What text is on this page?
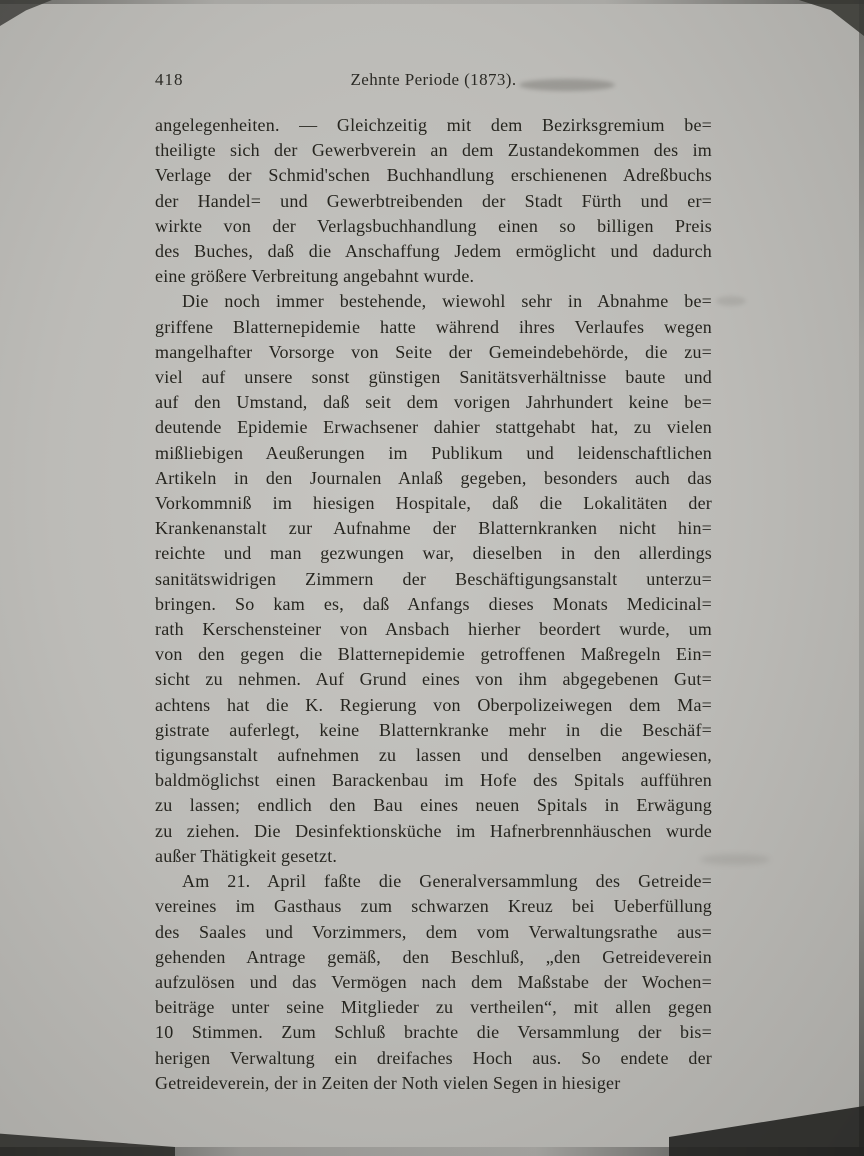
418	Zehnte Periode (1873).
angelegenheiten. — Gleichzeitig mit dem Bezirksgremium be=
theiligte sich der Gewerbverein an dem Zustandekommen des im
Verlage der Schmid'schen Buchhandlung erschienenen Adreßbuchs
der Handel= und Gewerbtreibenden der Stadt Fürth und er=
wirkte von der Verlagsbuchhandlung einen so billigen Preis
des Buches, daß die Anschaffung Jedem ermöglicht und dadurch
eine größere Verbreitung angebahnt wurde.
Die noch immer bestehende, wiewohl sehr in Abnahme be=
griffene Blatternepidemie hatte während ihres Verlaufes wegen
mangelhafter Vorsorge von Seite der Gemeindebehörde, die zu=
viel auf unsere sonst günstigen Sanitätsverhältnisse baute und
auf den Umstand, daß seit dem vorigen Jahrhundert keine be=
deutende Epidemie Erwachsener dahier stattgehabt hat, zu vielen
mißliebigen Aeußerungen im Publikum und leidenschaftlichen
Artikeln in den Journalen Anlaß gegeben, besonders auch das
Vorkommniß im hiesigen Hospitale, daß die Lokalitäten der
Krankenanstalt zur Aufnahme der Blatternkranken nicht hin=
reichte und man gezwungen war, dieselben in den allerdings
sanitätswidrigen Zimmern der Beschäftigungsanstalt unterzu=
bringen. So kam es, daß Anfangs dieses Monats Medicinal=
rath Kerschensteiner von Ansbach hierher beordert wurde, um
von den gegen die Blatternepidemie getroffenen Maßregeln Ein=
sicht zu nehmen. Auf Grund eines von ihm abgegebenen Gut=
achtens hat die K. Regierung von Oberpolizeiwegen dem Ma=
gistrate auferlegt, keine Blatternkranke mehr in die Beschäf=
tigungsanstalt aufnehmen zu lassen und denselben angewiesen,
baldmöglichst einen Barackenbau im Hofe des Spitals aufführen
zu lassen; endlich den Bau eines neuen Spitals in Erwägung
zu ziehen. Die Desinfektionsküche im Hafnerbrennhäuschen wurde
außer Thätigkeit gesetzt.
Am 21. April faßte die Generalversammlung des Getreide=
vereines im Gasthaus zum schwarzen Kreuz bei Ueberfüllung
des Saales und Vorzimmers, dem vom Verwaltungsrathe aus=
gehenden Antrage gemäß, den Beschluß, „den Getreideverein
aufzulösen und das Vermögen nach dem Maßstabe der Wochen=
beiträge unter seine Mitglieder zu vertheilen“, mit allen gegen
10 Stimmen. Zum Schluß brachte die Versammlung der bis=
herigen Verwaltung ein dreifaches Hoch aus. So endete der
Getreideverein, der in Zeiten der Noth vielen Segen in hiesiger
